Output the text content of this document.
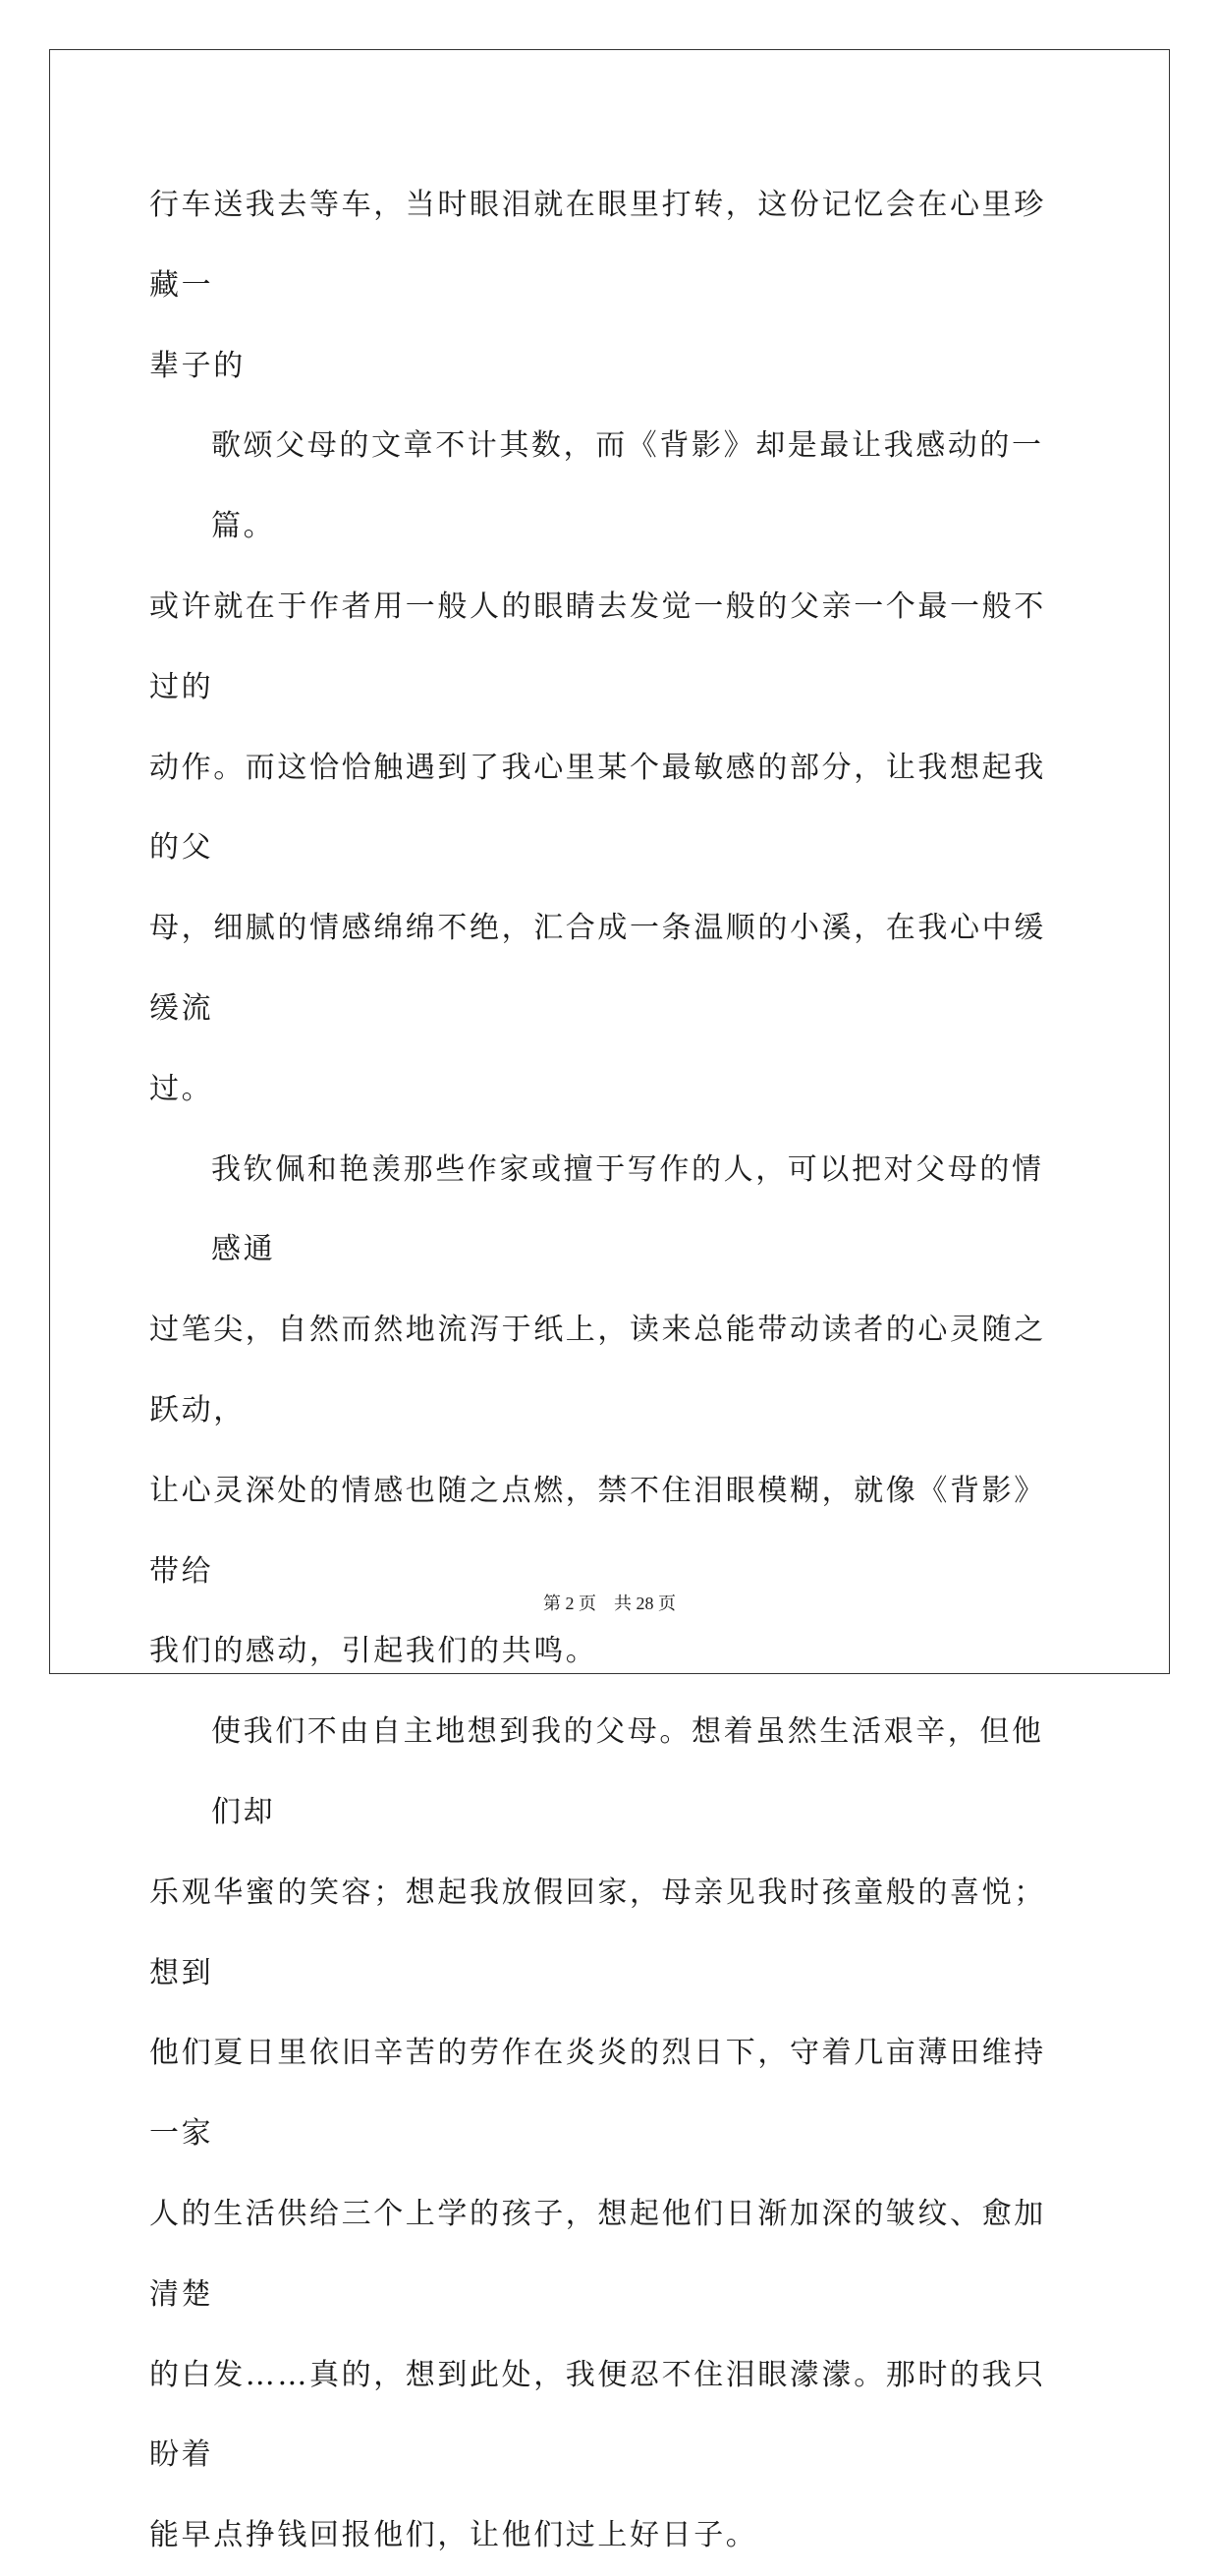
行车送我去等车，当时眼泪就在眼里打转，这份记忆会在心里珍藏一
辈子的
歌颂父母的文章不计其数，而《背影》却是最让我感动的一篇。
或许就在于作者用一般人的眼睛去发觉一般的父亲一个最一般不过的
动作。而这恰恰触遇到了我心里某个最敏感的部分，让我想起我的父
母，细腻的情感绵绵不绝，汇合成一条温顺的小溪，在我心中缓缓流
过。
我钦佩和艳羡那些作家或擅于写作的人，可以把对父母的情感通
过笔尖，自然而然地流泻于纸上，读来总能带动读者的心灵随之跃动，
让心灵深处的情感也随之点燃，禁不住泪眼模糊，就像《背影》带给
我们的感动，引起我们的共鸣。
使我们不由自主地想到我的父母。想着虽然生活艰辛，但他们却
乐观华蜜的笑容；想起我放假回家，母亲见我时孩童般的喜悦；想到
他们夏日里依旧辛苦的劳作在炎炎的烈日下，守着几亩薄田维持一家
人的生活供给三个上学的孩子，想起他们日渐加深的皱纹、愈加清楚
的白发……真的，想到此处，我便忍不住泪眼濛濛。那时的我只盼着
能早点挣钱回报他们，让他们过上好日子。
第 2 页    共 28 页
